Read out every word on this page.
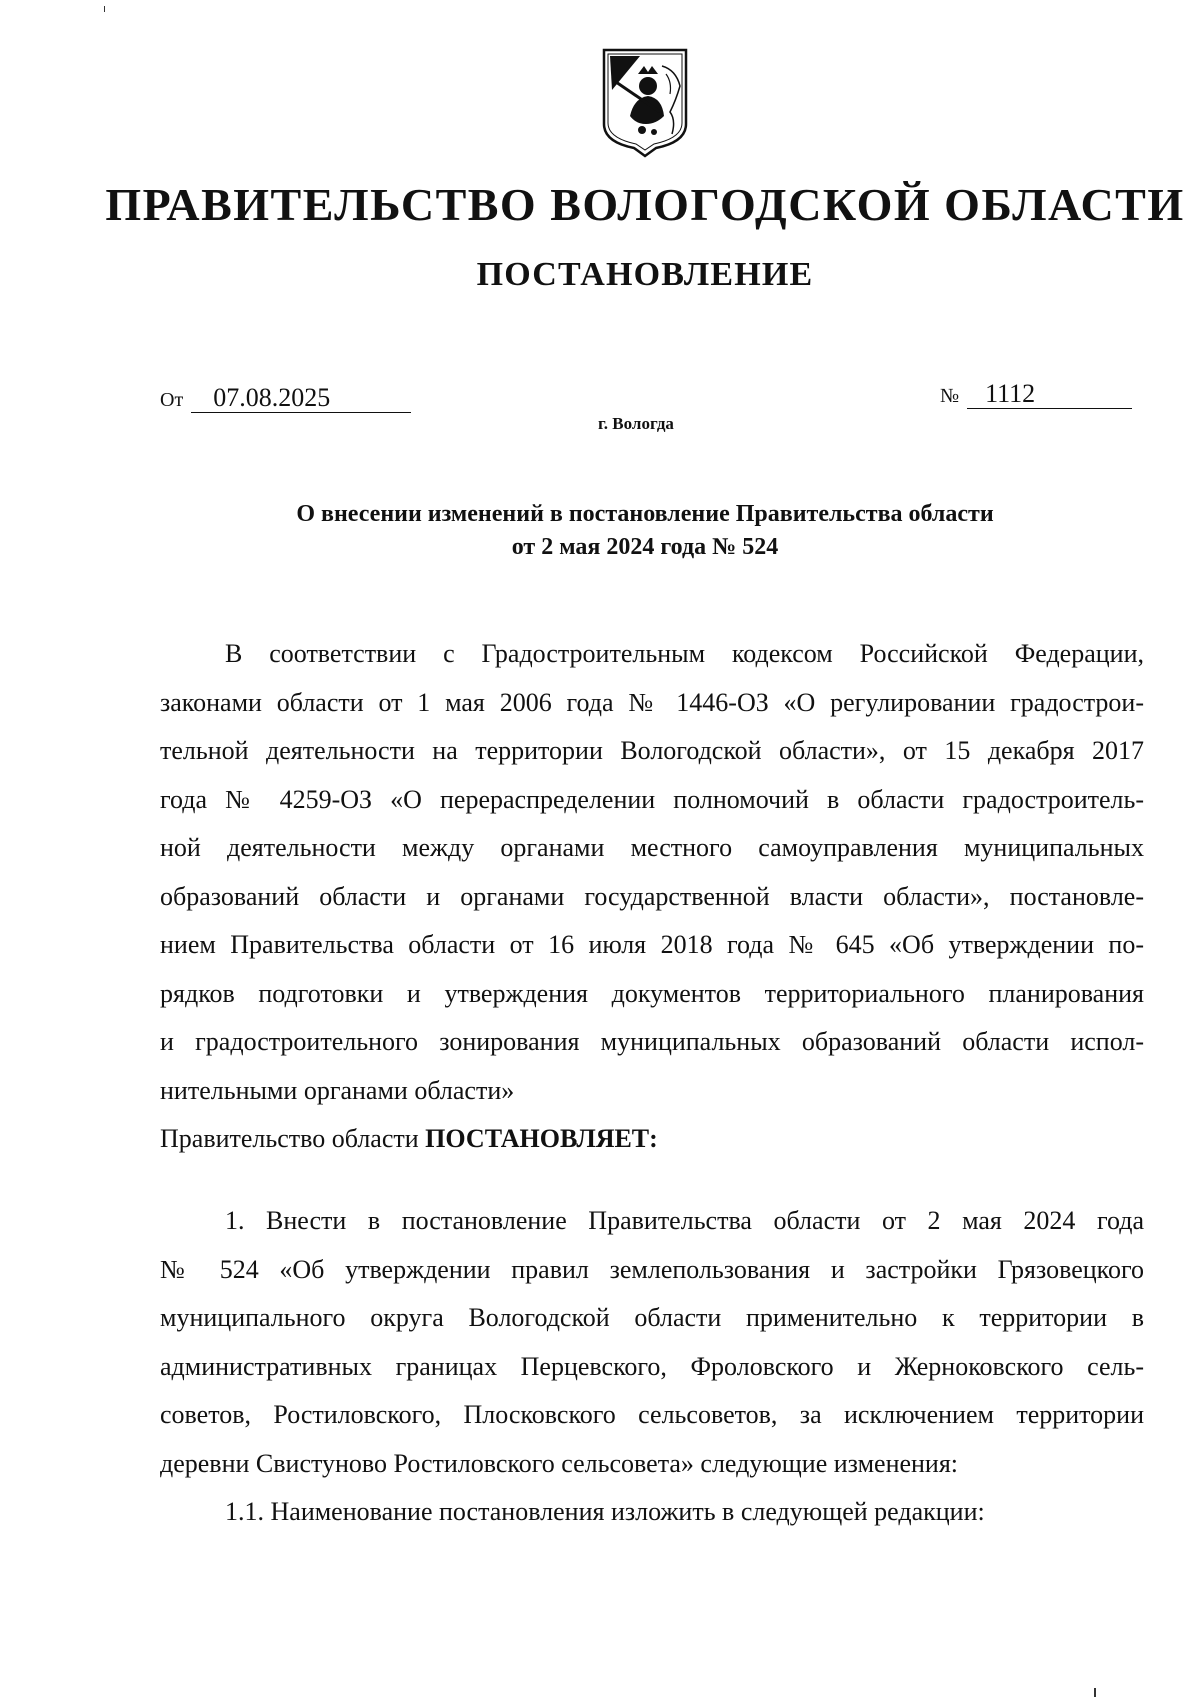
ПРАВИТЕЛЬСТВО ВОЛОГОДСКОЙ ОБЛАСТИ
ПОСТАНОВЛЕНИЕ
От 07.08.2025	№ 1112
г. Вологда
О внесении изменений в постановление Правительства области
от 2 мая 2024 года № 524
В соответствии с Градостроительным кодексом Российской Федерации,
законами области от 1 мая 2006 года № 1446-ОЗ «О регулировании градострои-
тельной деятельности на территории Вологодской области», от 15 декабря 2017
года № 4259-ОЗ «О перераспределении полномочий в области градостроитель-
ной деятельности между органами местного самоуправления муниципальных
образований области и органами государственной власти области», постановле-
нием Правительства области от 16 июля 2018 года № 645 «Об утверждении по-
рядков подготовки и утверждения документов территориального планирования
и градостроительного зонирования муниципальных образований области испол-
нительными органами области»
Правительство области ПОСТАНОВЛЯЕТ:
1. Внести в постановление Правительства области от 2 мая 2024 года
№ 524 «Об утверждении правил землепользования и застройки Грязовецкого
муниципального округа Вологодской области применительно к территории в
административных границах Перцевского, Фроловского и Жерноковского сель-
советов, Ростиловского, Плосковского сельсоветов, за исключением территории
деревни Свистуново Ростиловского сельсовета» следующие изменения:
1.1. Наименование постановления изложить в следующей редакции:
